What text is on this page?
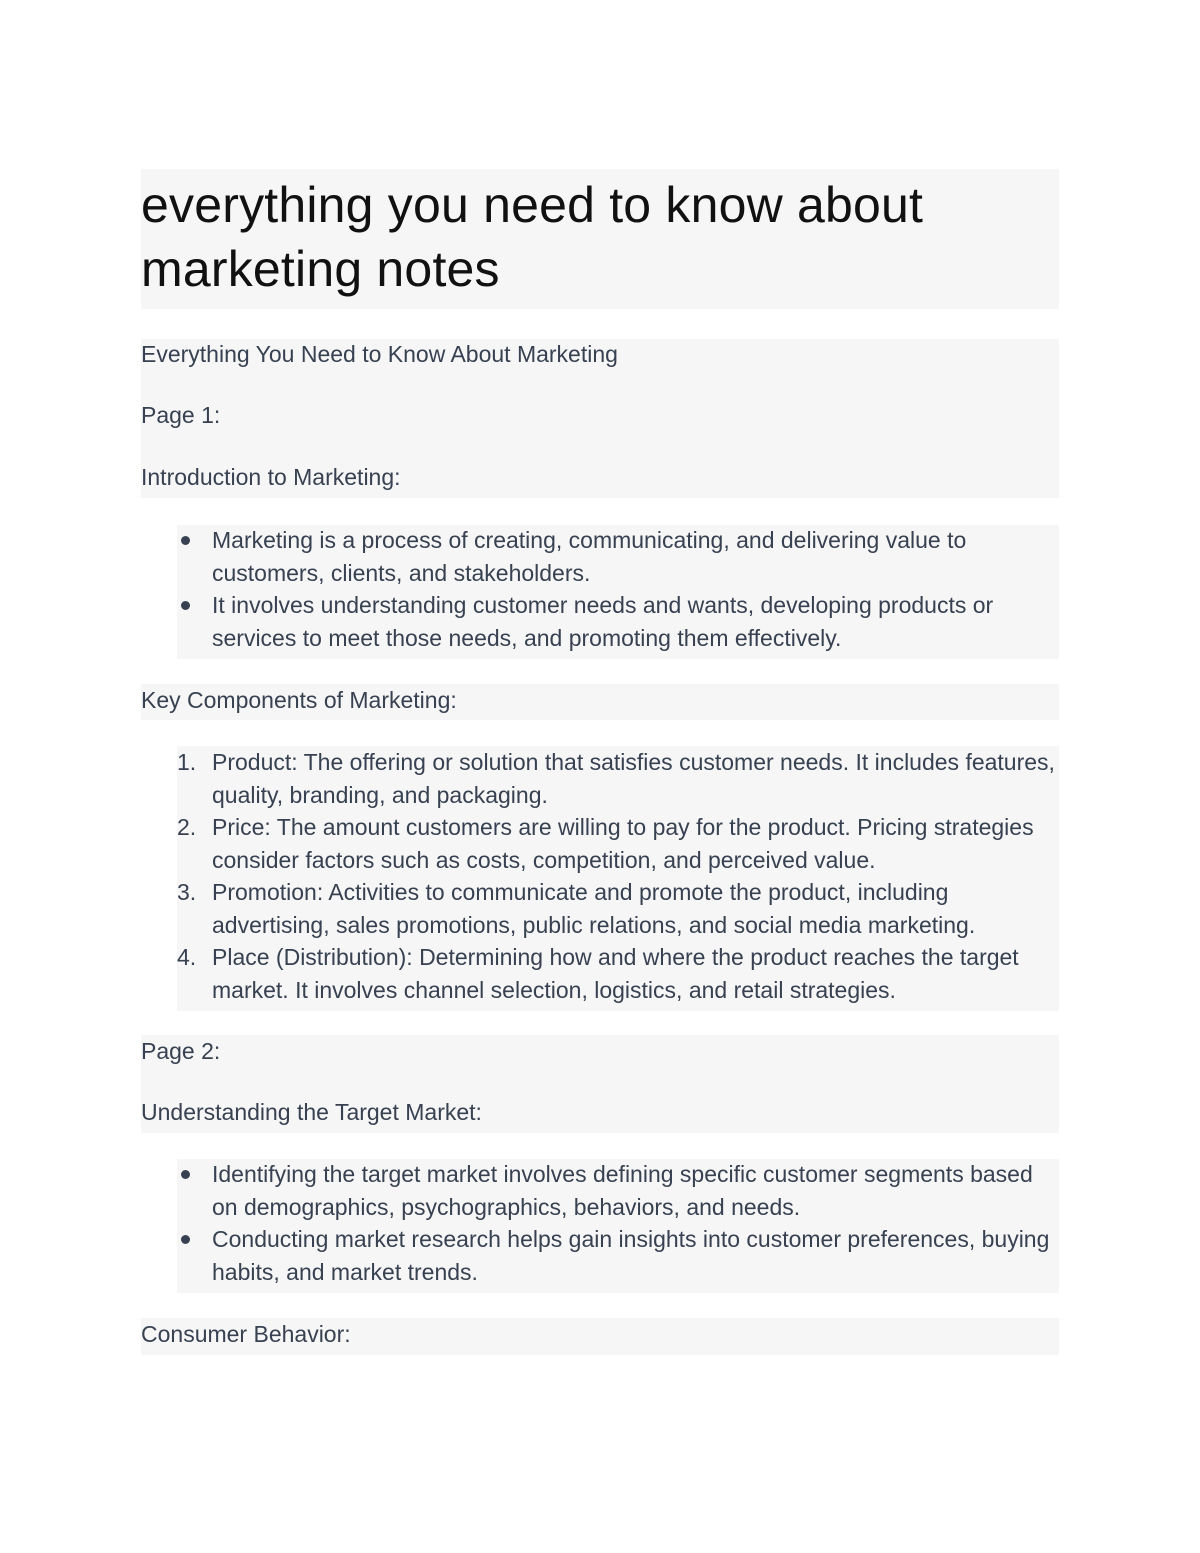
everything you need to know about marketing notes

Everything You Need to Know About Marketing

Page 1:

Introduction to Marketing:

Marketing is a process of creating, communicating, and delivering value to customers, clients, and stakeholders.
It involves understanding customer needs and wants, developing products or services to meet those needs, and promoting them effectively.

Key Components of Marketing:

1. Product: The offering or solution that satisfies customer needs. It includes features, quality, branding, and packaging.
2. Price: The amount customers are willing to pay for the product. Pricing strategies consider factors such as costs, competition, and perceived value.
3. Promotion: Activities to communicate and promote the product, including advertising, sales promotions, public relations, and social media marketing.
4. Place (Distribution): Determining how and where the product reaches the target market. It involves channel selection, logistics, and retail strategies.

Page 2:

Understanding the Target Market:

Identifying the target market involves defining specific customer segments based on demographics, psychographics, behaviors, and needs.
Conducting market research helps gain insights into customer preferences, buying habits, and market trends.

Consumer Behavior:
